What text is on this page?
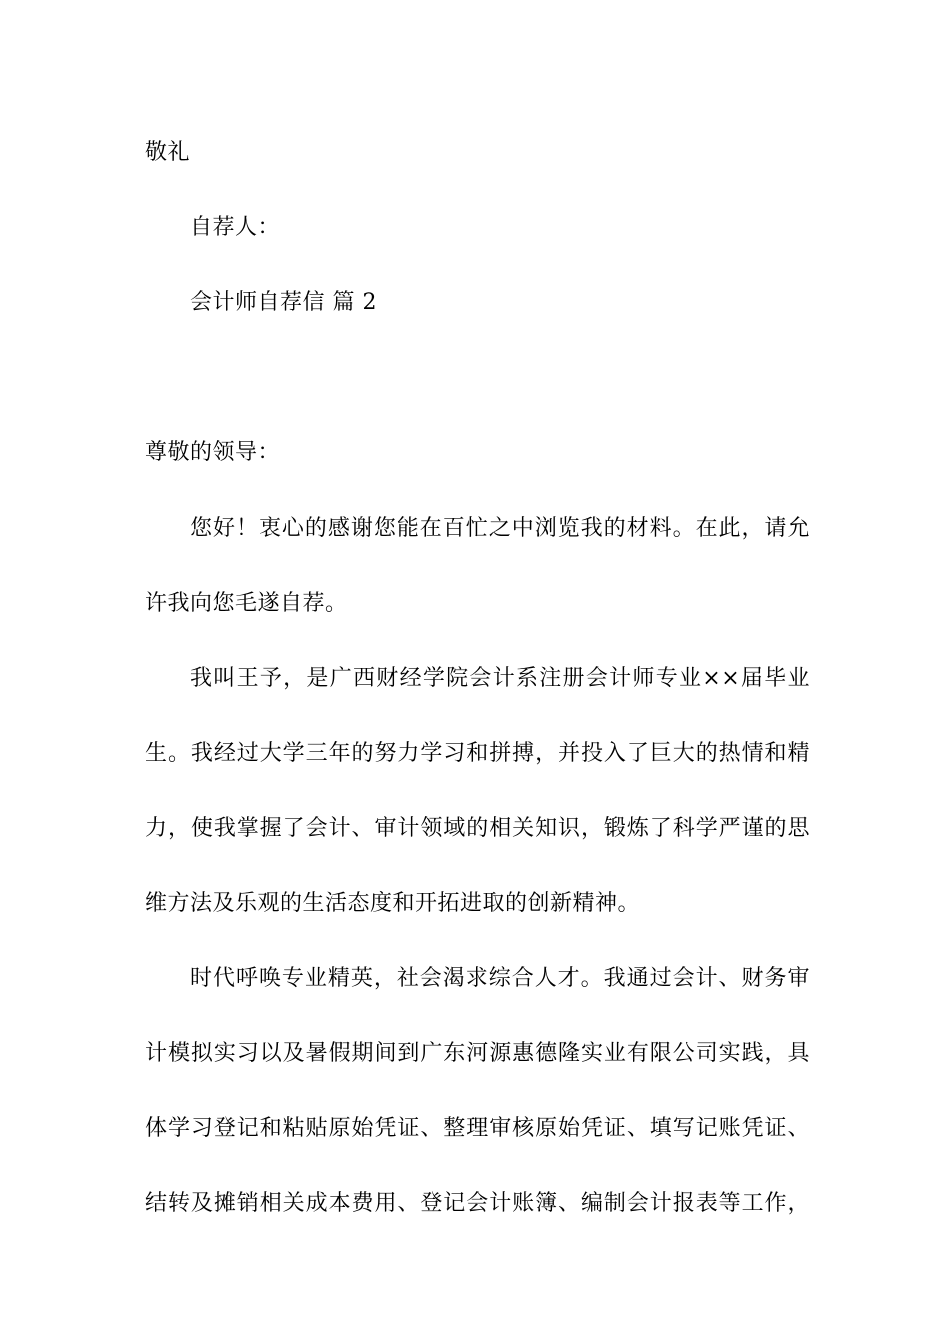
敬礼
自荐人：
会计师自荐信 篇 2
尊敬的领导：
您好！衷心的感谢您能在百忙之中浏览我的材料。在此，请允
许我向您毛遂自荐。
我叫王予，是广西财经学院会计系注册会计师专业××届毕业
生。我经过大学三年的努力学习和拼搏，并投入了巨大的热情和精
力，使我掌握了会计、审计领域的相关知识，锻炼了科学严谨的思
维方法及乐观的生活态度和开拓进取的创新精神。
时代呼唤专业精英，社会渴求综合人才。我通过会计、财务审
计模拟实习以及暑假期间到广东河源惠德隆实业有限公司实践，具
体学习登记和粘贴原始凭证、整理审核原始凭证、填写记账凭证、
结转及摊销相关成本费用、登记会计账簿、编制会计报表等工作，
